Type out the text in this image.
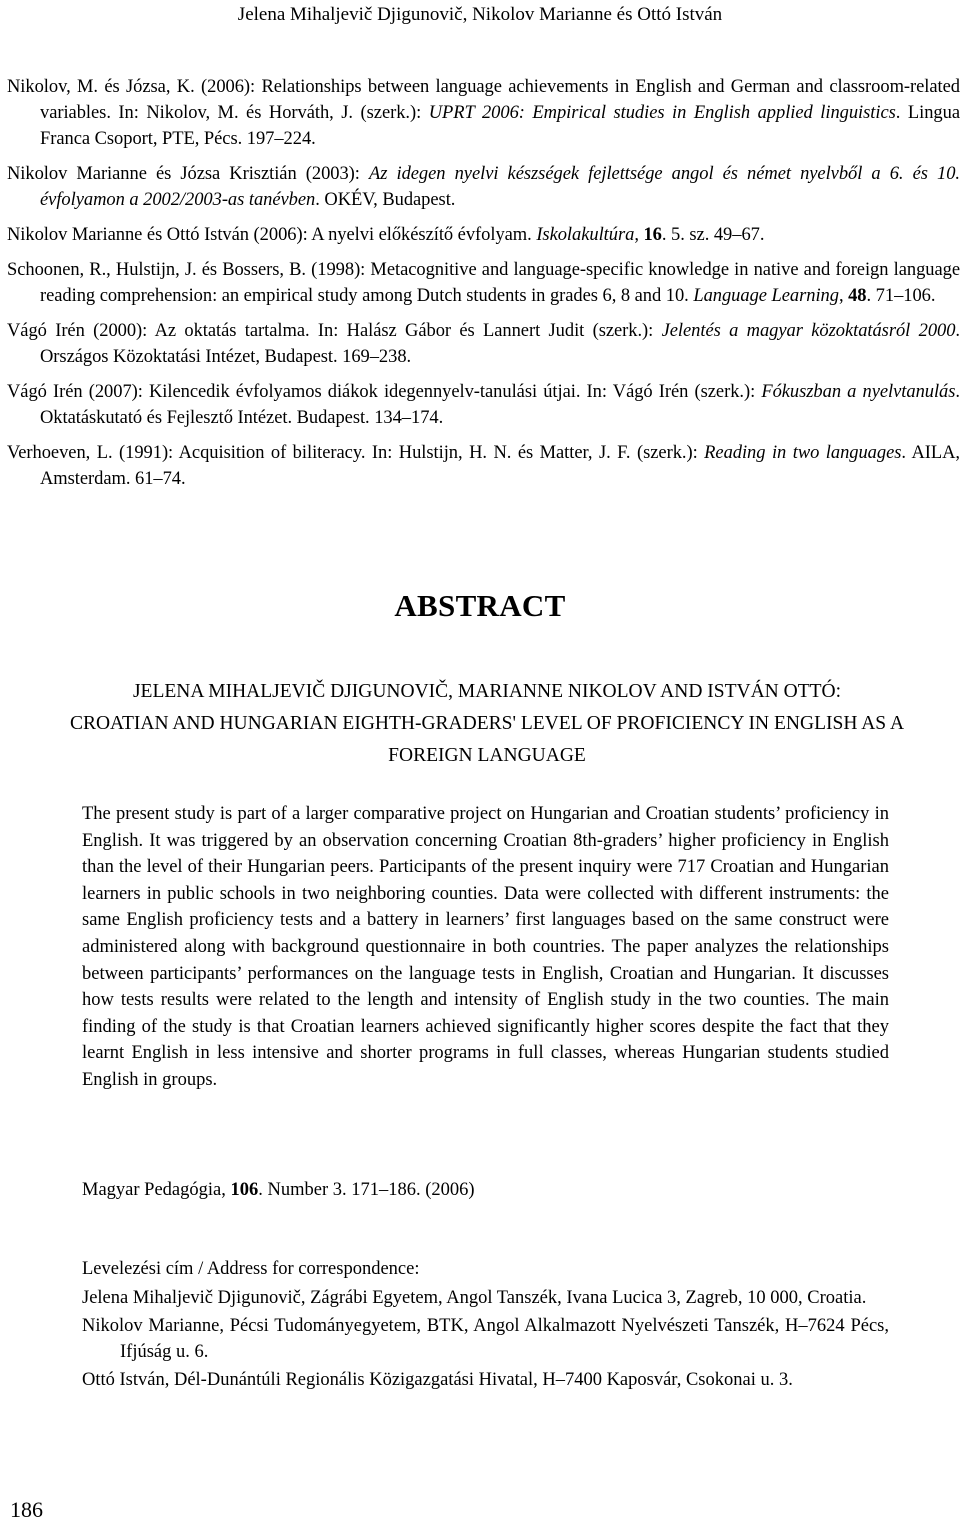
Jelena Mihaljevič Djigunovič, Nikolov Marianne és Ottó István

Nikolov, M. és Józsa, K. (2006): Relationships between language achievements in English and German and classroom-related variables. In: Nikolov, M. és Horváth, J. (szerk.): UPRT 2006: Empirical studies in English applied linguistics. Lingua Franca Csoport, PTE, Pécs. 197–224.

Nikolov Marianne és Józsa Krisztián (2003): Az idegen nyelvi készségek fejlettsége angol és német nyelvből a 6. és 10. évfolyamon a 2002/2003-as tanévben. OKÉV, Budapest.

Nikolov Marianne és Ottó István (2006): A nyelvi előkészítő évfolyam. Iskolakultúra, 16. 5. sz. 49–67.

Schoonen, R., Hulstijn, J. és Bossers, B. (1998): Metacognitive and language-specific knowledge in native and foreign language reading comprehension: an empirical study among Dutch students in grades 6, 8 and 10. Language Learning, 48. 71–106.

Vágó Irén (2000): Az oktatás tartalma. In: Halász Gábor és Lannert Judit (szerk.): Jelentés a magyar közoktatásról 2000. Országos Közoktatási Intézet, Budapest. 169–238.

Vágó Irén (2007): Kilencedik évfolyamos diákok idegennyelv-tanulási útjai. In: Vágó Irén (szerk.): Fókuszban a nyelvtanulás. Oktatáskutató és Fejlesztő Intézet. Budapest. 134–174.

Verhoeven, L. (1991): Acquisition of biliteracy. In: Hulstijn, H. N. és Matter, J. F. (szerk.): Reading in two languages. AILA, Amsterdam. 61–74.

ABSTRACT
JELENA MIHALJEVIČ DJIGUNOVIČ, MARIANNE NIKOLOV AND ISTVÁN OTTÓ:
CROATIAN AND HUNGARIAN EIGHTH-GRADERS' LEVEL OF PROFICIENCY IN ENGLISH AS A
FOREIGN LANGUAGE
The present study is part of a larger comparative project on Hungarian and Croatian students’ proficiency in English. It was triggered by an observation concerning Croatian 8th-graders’ higher proficiency in English than the level of their Hungarian peers. Participants of the present inquiry were 717 Croatian and Hungarian learners in public schools in two neighboring counties. Data were collected with different instruments: the same English proficiency tests and a battery in learners’ first languages based on the same construct were administered along with background questionnaire in both countries. The paper analyzes the relationships between participants’ performances on the language tests in English, Croatian and Hungarian. It discusses how tests results were related to the length and intensity of English study in the two counties. The main finding of the study is that Croatian learners achieved significantly higher scores despite the fact that they learnt English in less intensive and shorter programs in full classes, whereas Hungarian students studied English in groups.
Magyar Pedagógia, 106. Number 3. 171–186. (2006)
Levelezési cím / Address for correspondence:
Jelena Mihaljevič Djigunovič, Zágrábi Egyetem, Angol Tanszék, Ivana Lucica 3, Zagreb, 10 000, Croatia.
Nikolov Marianne, Pécsi Tudományegyetem, BTK, Angol Alkalmazott Nyelvészeti Tanszék, H–7624 Pécs, Ifjúság u. 6.
Ottó István, Dél-Dunántúli Regionális Közigazgatási Hivatal, H–7400 Kaposvár, Csokonai u. 3.
186
